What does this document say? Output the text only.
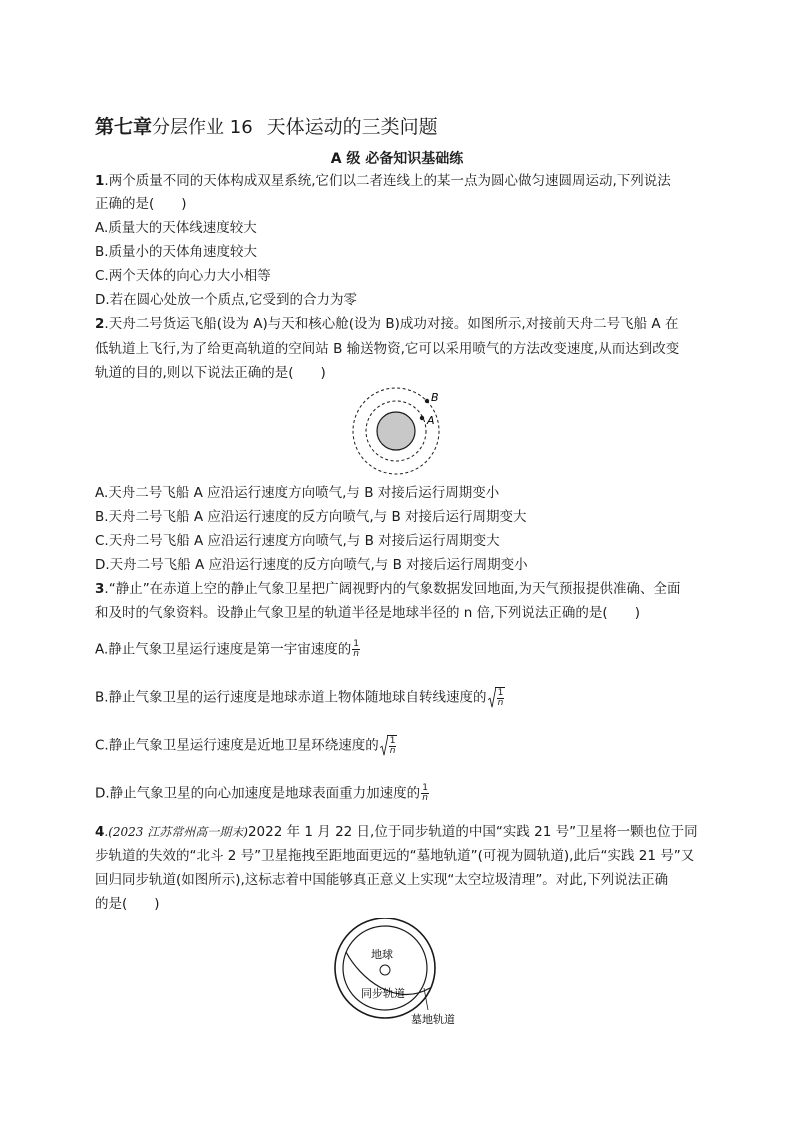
第七章分层作业 16 天体运动的三类问题
A 级 必备知识基础练
1.两个质量不同的天体构成双星系统,它们以二者连线上的某一点为圆心做匀速圆周运动,下列说法
正确的是(　　)
A.质量大的天体线速度较大
B.质量小的天体角速度较大
C.两个天体的向心力大小相等
D.若在圆心处放一个质点,它受到的合力为零
2.天舟二号货运飞船(设为 A)与天和核心舱(设为 B)成功对接。如图所示,对接前天舟二号飞船 A 在
低轨道上飞行,为了给更高轨道的空间站 B 输送物资,它可以采用喷气的方法改变速度,从而达到改变
轨道的目的,则以下说法正确的是(　　)
B
A
A.天舟二号飞船 A 应沿运行速度方向喷气,与 B 对接后运行周期变小
B.天舟二号飞船 A 应沿运行速度的反方向喷气,与 B 对接后运行周期变大
C.天舟二号飞船 A 应沿运行速度方向喷气,与 B 对接后运行周期变大
D.天舟二号飞船 A 应沿运行速度的反方向喷气,与 B 对接后运行周期变小
3.“静止”在赤道上空的静止气象卫星把广阔视野内的气象数据发回地面,为天气预报提供准确、全面
和及时的气象资料。设静止气象卫星的轨道半径是地球半径的 n 倍,下列说法正确的是(　　)
A.静止气象卫星运行速度是第一宇宙速度的 $\frac{1}{n}$
B.静止气象卫星的运行速度是地球赤道上物体随地球自转线速度的 $\frac{1}{n}$
C.静止气象卫星运行速度是近地卫星环绕速度的 $\frac{1}{n}$
D.静止气象卫星的向心加速度是地球表面重力加速度的 $\frac{1}{n}$
4.(2023 江苏常州高一期末)2022 年 1 月 22 日,位于同步轨道的中国“实践 21 号”卫星将一颗也位于同
步轨道的失效的“北斗 2 号”卫星拖拽至距地面更远的“墓地轨道”(可视为圆轨道),此后“实践 21 号”又
回归同步轨道(如图所示),这标志着中国能够真正意义上实现“太空垃圾清理”。对此,下列说法正确
的是(　　)
地球
同步轨道
墓地轨道
